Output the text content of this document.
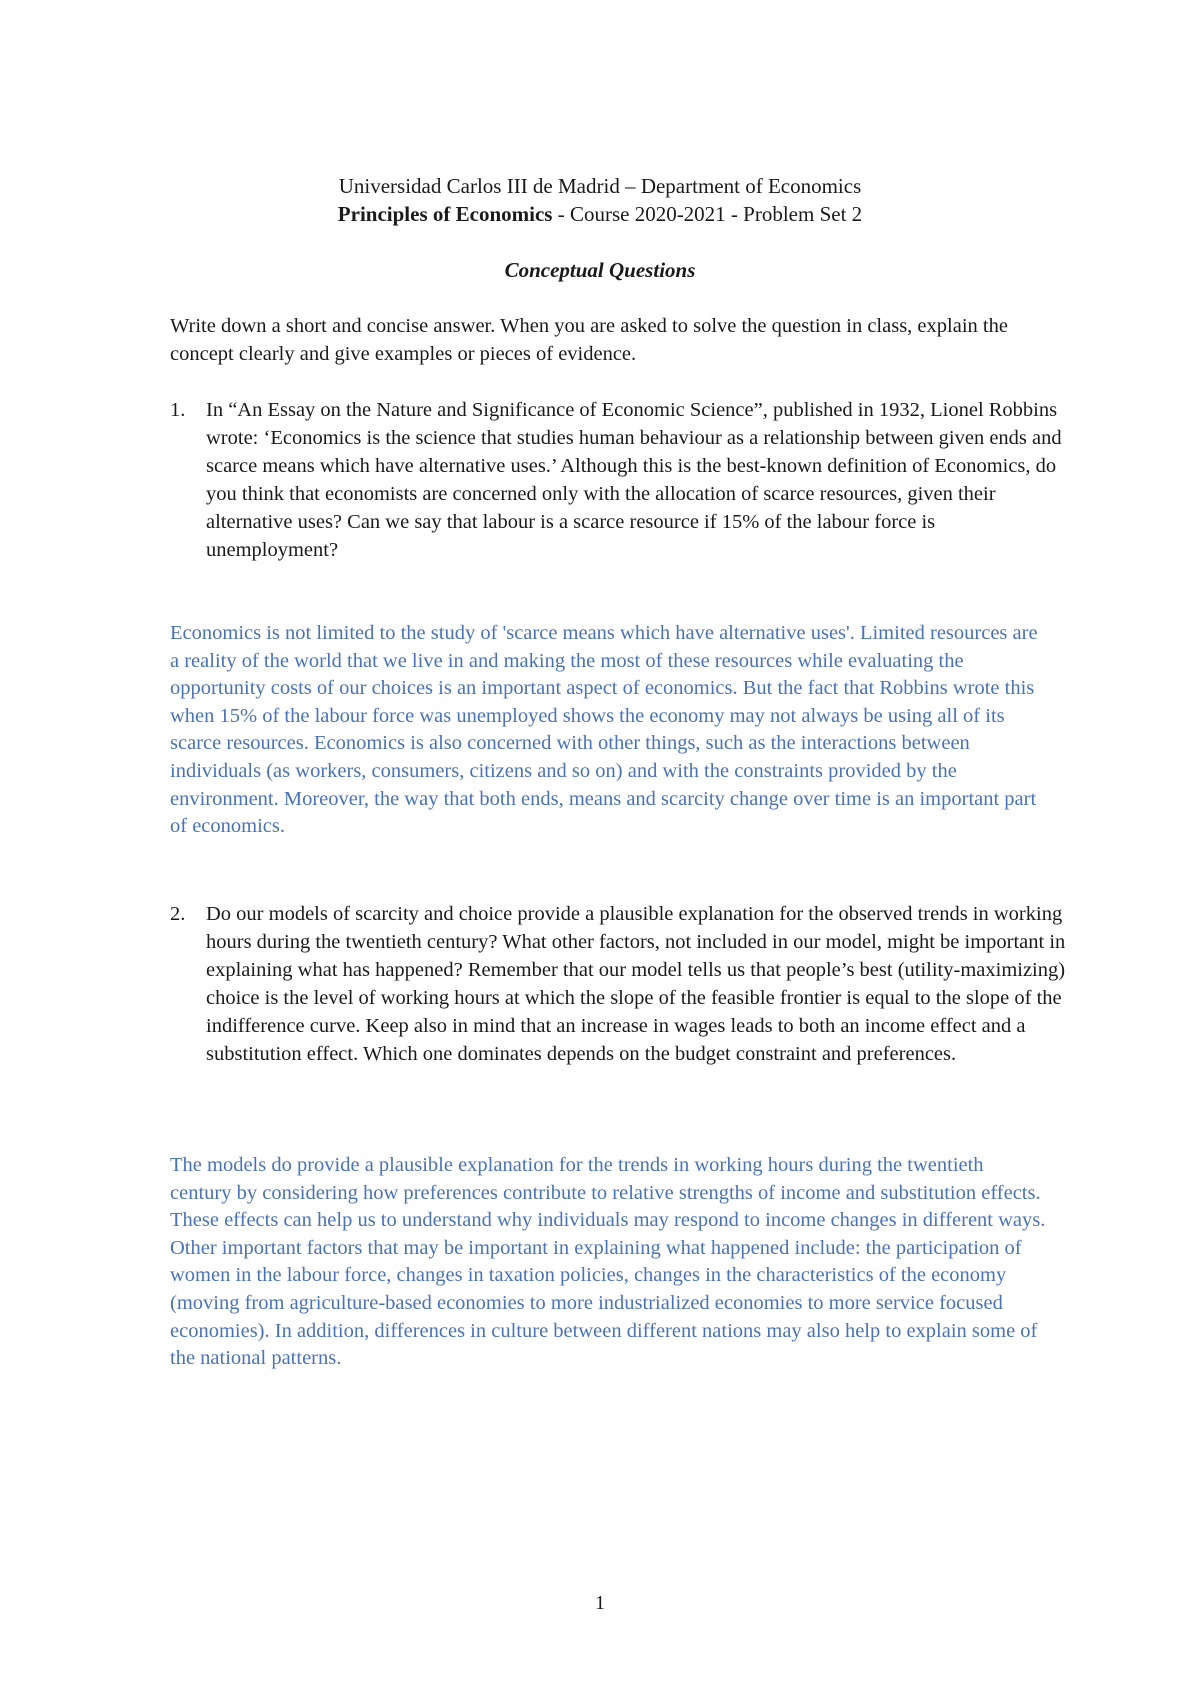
Universidad Carlos III de Madrid – Department of Economics
Principles of Economics - Course 2020-2021 - Problem Set 2
Conceptual Questions
Write down a short and concise answer. When you are asked to solve the question in class, explain the concept clearly and give examples or pieces of evidence.
1. In “An Essay on the Nature and Significance of Economic Science”, published in 1932, Lionel Robbins wrote: ‘Economics is the science that studies human behaviour as a relationship between given ends and scarce means which have alternative uses.’ Although this is the best-known definition of Economics, do you think that economists are concerned only with the allocation of scarce resources, given their alternative uses? Can we say that labour is a scarce resource if 15% of the labour force is unemployment?
Economics is not limited to the study of 'scarce means which have alternative uses'. Limited resources are a reality of the world that we live in and making the most of these resources while evaluating the opportunity costs of our choices is an important aspect of economics. But the fact that Robbins wrote this when 15% of the labour force was unemployed shows the economy may not always be using all of its scarce resources. Economics is also concerned with other things, such as the interactions between individuals (as workers, consumers, citizens and so on) and with the constraints provided by the environment. Moreover, the way that both ends, means and scarcity change over time is an important part of economics.
2. Do our models of scarcity and choice provide a plausible explanation for the observed trends in working hours during the twentieth century? What other factors, not included in our model, might be important in explaining what has happened? Remember that our model tells us that people’s best (utility-maximizing) choice is the level of working hours at which the slope of the feasible frontier is equal to the slope of the indifference curve. Keep also in mind that an increase in wages leads to both an income effect and a substitution effect. Which one dominates depends on the budget constraint and preferences.
The models do provide a plausible explanation for the trends in working hours during the twentieth century by considering how preferences contribute to relative strengths of income and substitution effects. These effects can help us to understand why individuals may respond to income changes in different ways. Other important factors that may be important in explaining what happened include: the participation of women in the labour force, changes in taxation policies, changes in the characteristics of the economy (moving from agriculture-based economies to more industrialized economies to more service focused economies). In addition, differences in culture between different nations may also help to explain some of the national patterns.
1
